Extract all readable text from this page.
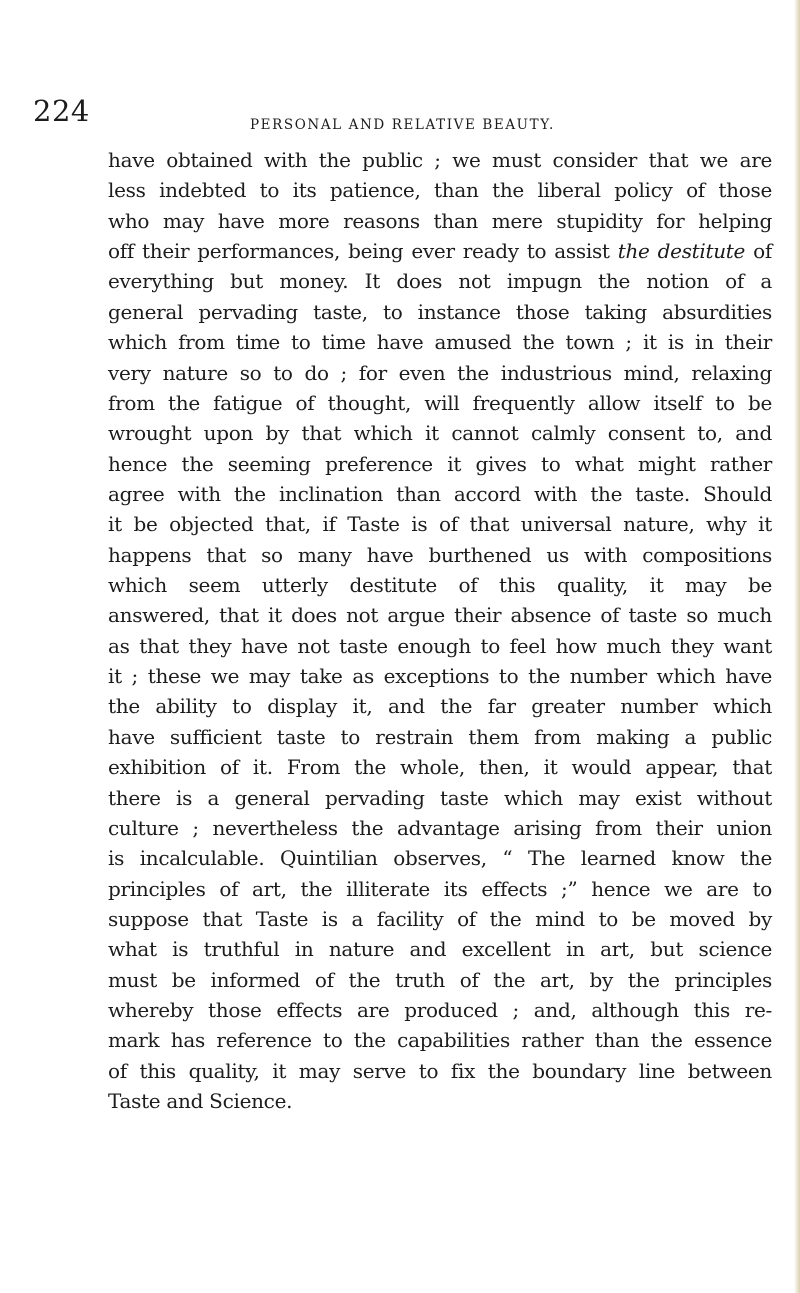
224	PERSONAL AND RELATIVE BEAUTY.
have obtained with the public ; we must consider that we are
less indebted to its patience, than the liberal policy of those
who may have more reasons than mere stupidity for helping
off their performances, being ever ready to assist the destitute of
everything but money. It does not impugn the notion of a
general pervading taste, to instance those taking absurdities
which from time to time have amused the town ; it is in their
very nature so to do ; for even the industrious mind, relaxing
from the fatigue of thought, will frequently allow itself to be
wrought upon by that which it cannot calmly consent to, and
hence the seeming preference it gives to what might rather
agree with the inclination than accord with the taste. Should
it be objected that, if Taste is of that universal nature, why it
happens that so many have burthened us with compositions
which seem utterly destitute of this quality, it may be
answered, that it does not argue their absence of taste so much
as that they have not taste enough to feel how much they want
it ; these we may take as exceptions to the number which have
the ability to display it, and the far greater number which
have sufficient taste to restrain them from making a public
exhibition of it. From the whole, then, it would appear, that
there is a general pervading taste which may exist without
culture ; nevertheless the advantage arising from their union
is incalculable. Quintilian observes, “ The learned know the
principles of art, the illiterate its effects ;” hence we are to
suppose that Taste is a facility of the mind to be moved by
what is truthful in nature and excellent in art, but science
must be informed of the truth of the art, by the principles
whereby those effects are produced ; and, although this re-
mark has reference to the capabilities rather than the essence
of this quality, it may serve to fix the boundary line between
Taste and Science.
